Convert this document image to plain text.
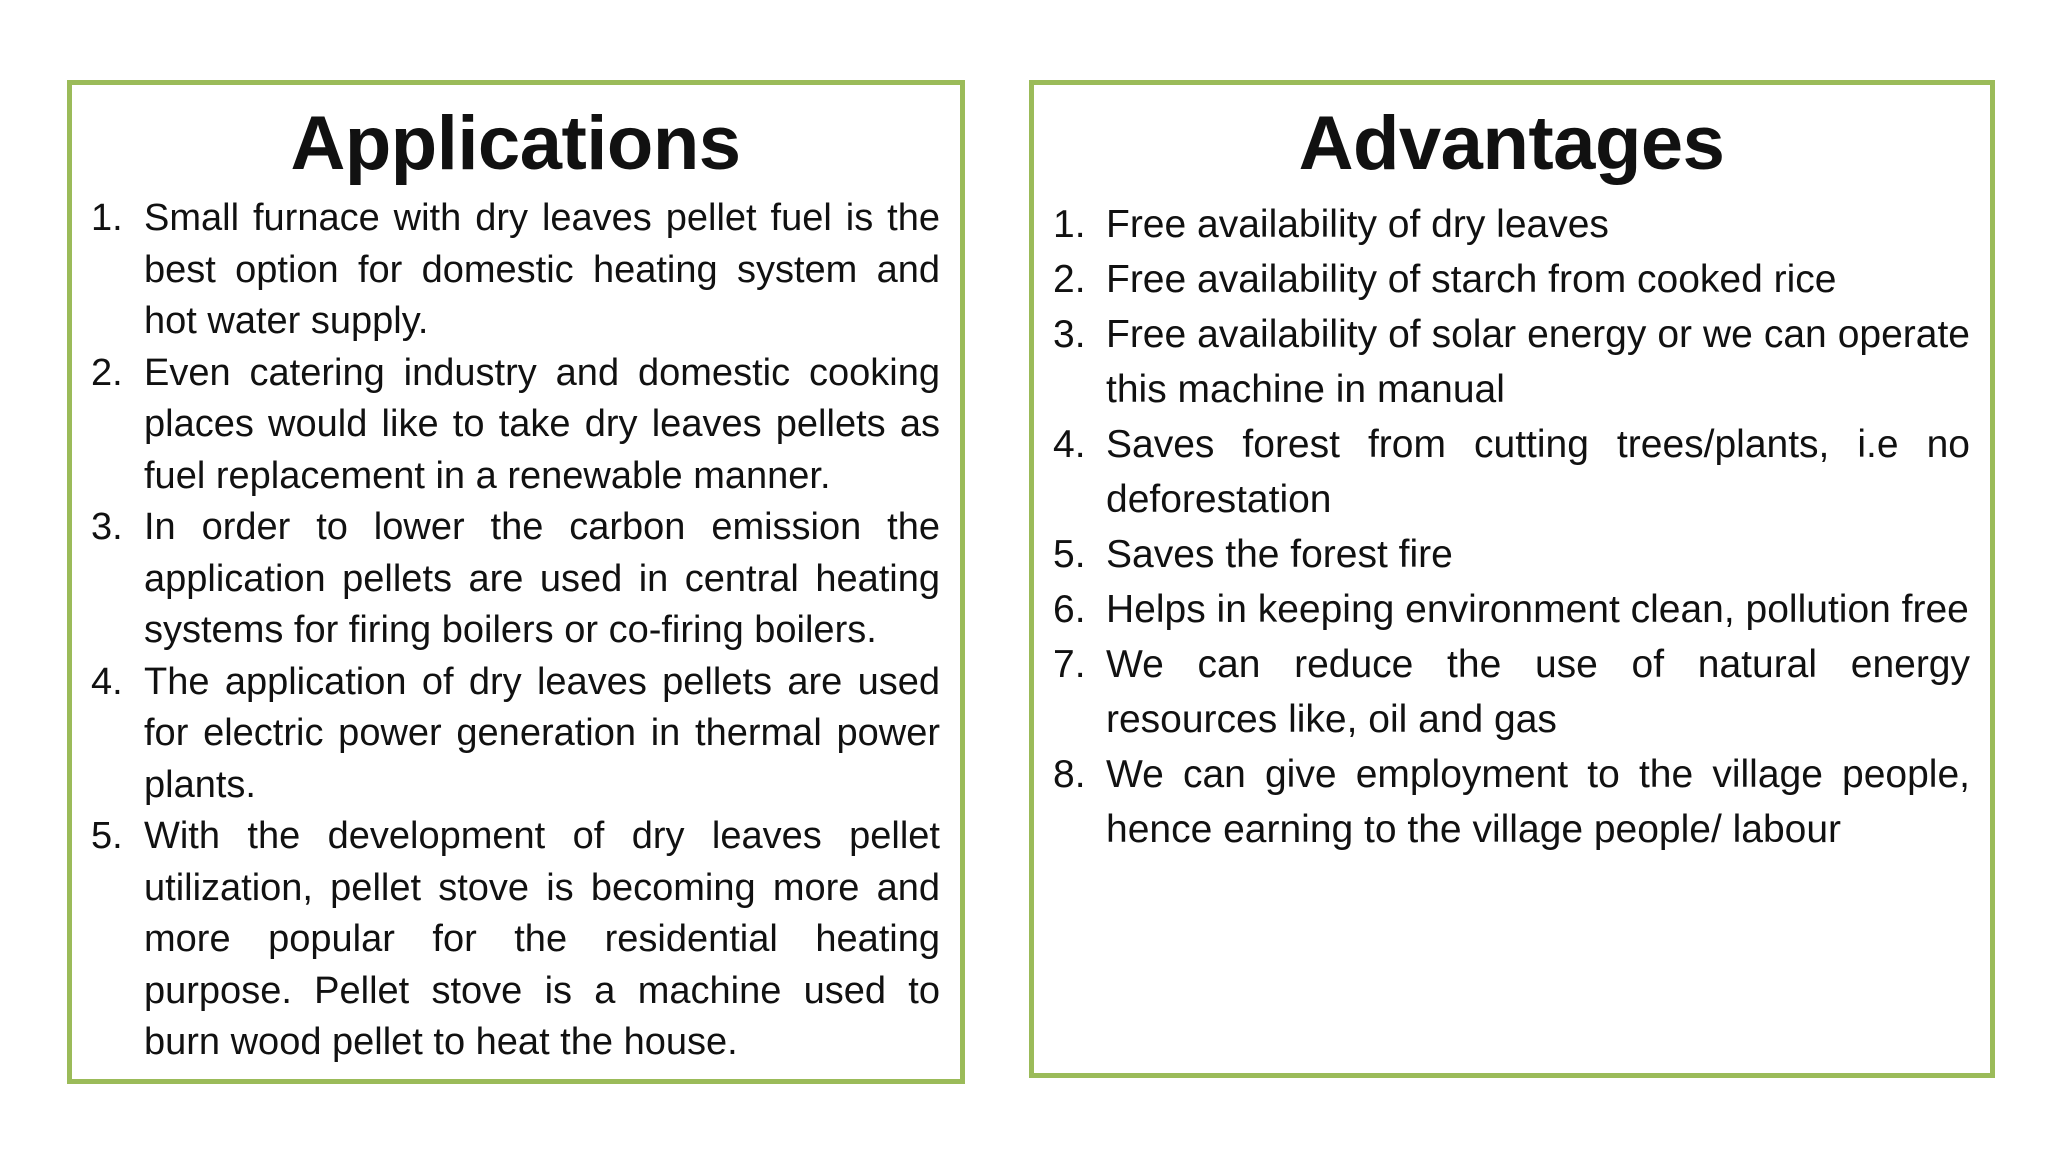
Applications
1. Small furnace with dry leaves pellet fuel is the best option for domestic heating system and hot water supply.
2. Even catering industry and domestic cooking places would like to take dry leaves pellets as fuel replacement in a renewable manner.
3. In order to lower the carbon emission the application pellets are used in central heating systems for firing boilers or co-firing boilers.
4. The application of dry leaves pellets are used for electric power generation in thermal power plants.
5. With the development of dry leaves pellet utilization, pellet stove is becoming more and more popular for the residential heating purpose. Pellet stove is a machine used to burn wood pellet to heat the house.
Advantages
1. Free availability of dry leaves
2. Free availability of starch from cooked rice
3. Free availability of solar energy or we can operate this machine in manual
4. Saves forest from cutting trees/plants, i.e no deforestation
5. Saves the forest fire
6. Helps in keeping environment clean, pollution free
7. We can reduce the use of natural energy resources like, oil and gas
8. We can give employment to the village people, hence earning to the village people/ labour
